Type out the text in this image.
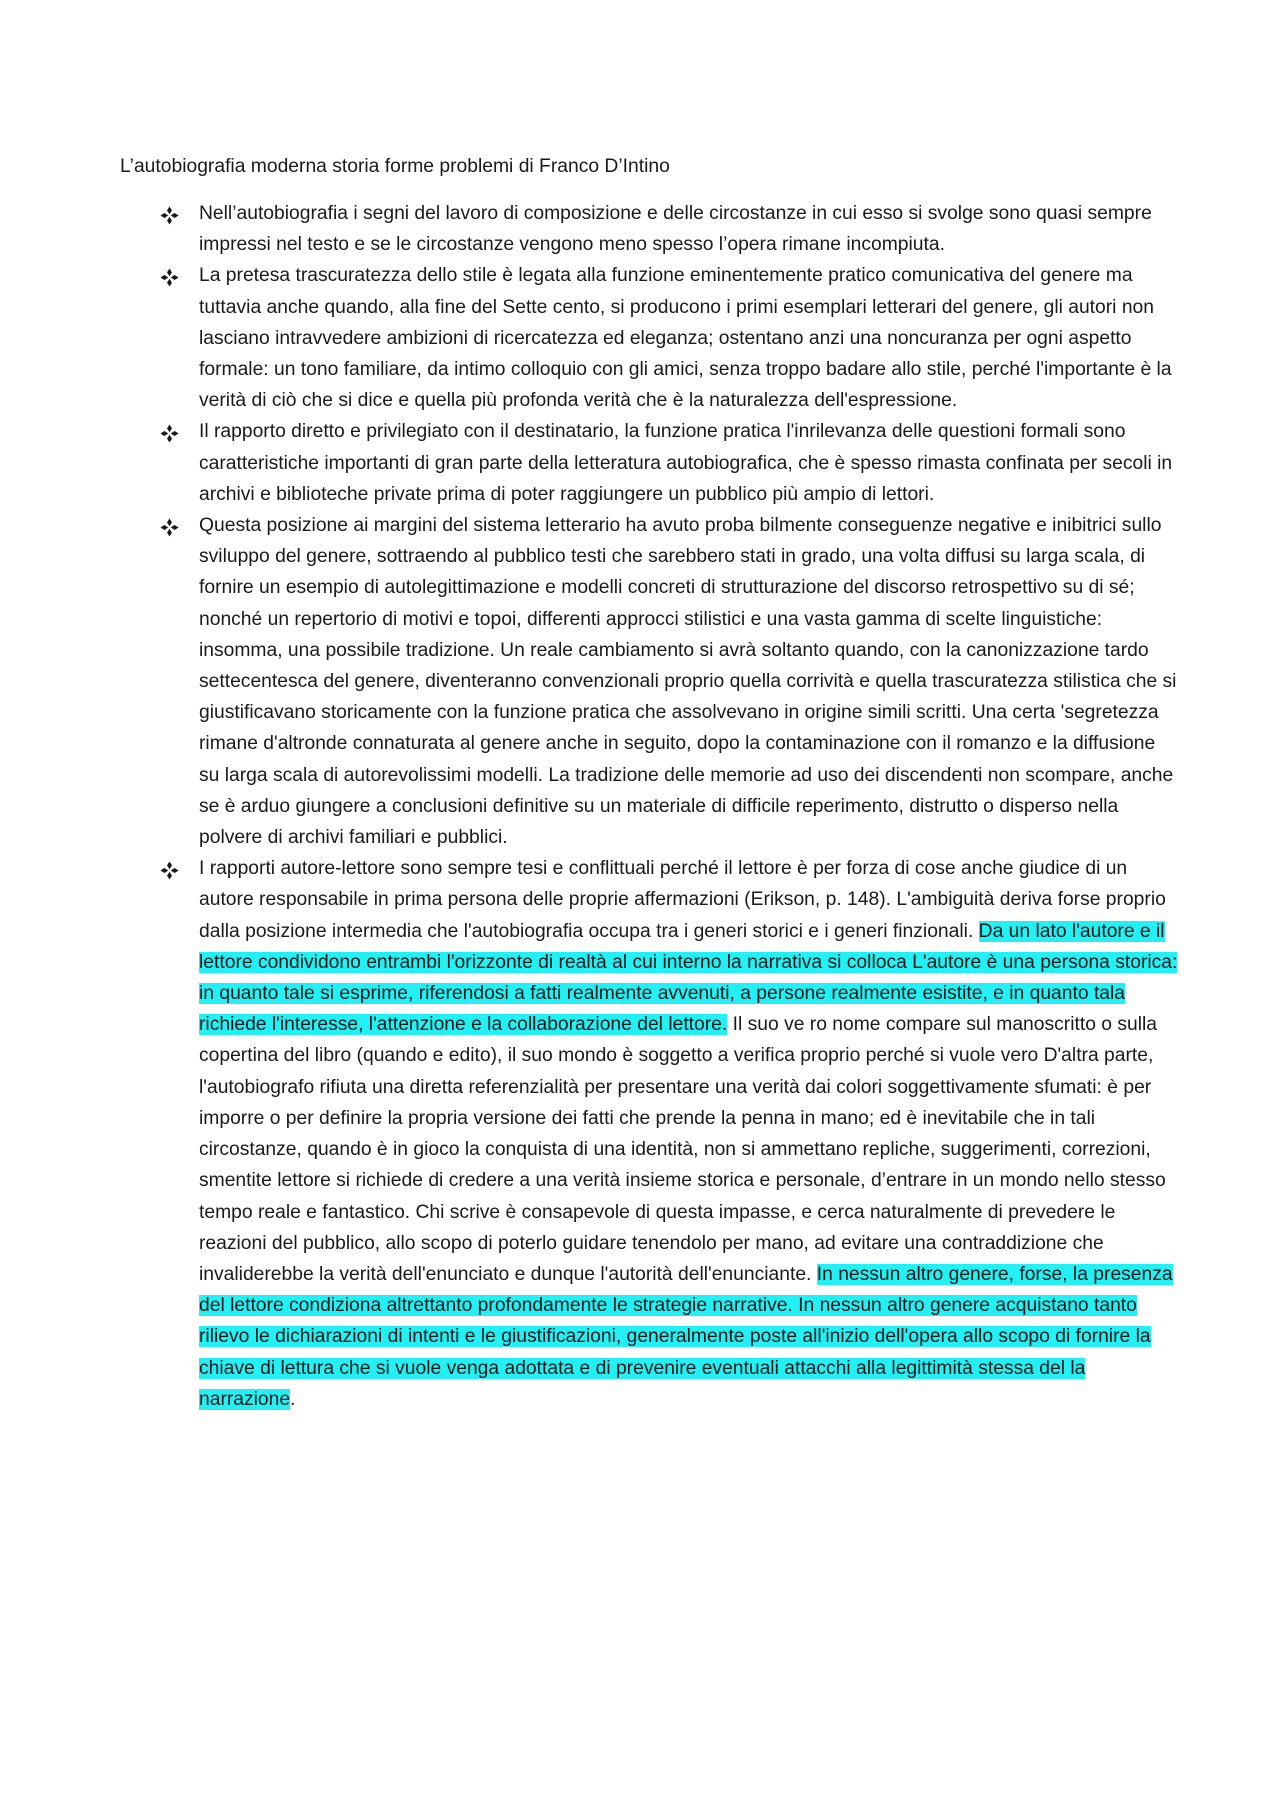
L’autobiografia moderna storia forme problemi di Franco D’Intino
Nell’autobiografia i segni del lavoro di composizione e delle circostanze in cui esso si svolge sono quasi sempre impressi nel testo e se le circostanze vengono meno spesso l’opera rimane incompiuta.
La pretesa trascuratezza dello stile è legata alla funzione eminentemente pratico comunicativa del genere ma tuttavia anche quando, alla fine del Sette cento, si producono i primi esemplari letterari del genere, gli autori non lasciano intravvedere ambizioni di ricercatezza ed eleganza; ostentano anzi una noncuranza per ogni aspetto formale: un tono familiare, da intimo colloquio con gli amici, senza troppo badare allo stile, perché l'importante è la verità di ciò che si dice e quella più profonda verità che è la naturalezza dell'espressione.
Il rapporto diretto e privilegiato con il destinatario, la funzione pratica l'inrilevanza delle questioni formali sono caratteristiche importanti di gran parte della letteratura autobiografica, che è spesso rimasta confinata per secoli in archivi e biblioteche private prima di poter raggiungere un pubblico più ampio di lettori.
Questa posizione ai margini del sistema letterario ha avuto proba bilmente conseguenze negative e inibitrici sullo sviluppo del genere, sottraendo al pubblico testi che sarebbero stati in grado, una volta diffusi su larga scala, di fornire un esempio di autolegittimazione e modelli concreti di strutturazione del discorso retrospettivo su di sé; nonché un repertorio di motivi e topoi, differenti approcci stilistici e una vasta gamma di scelte linguistiche: insomma, una possibile tradizione. Un reale cambiamento si avrà soltanto quando, con la canonizzazione tardo settecentesca del genere, diventeranno convenzionali proprio quella corrività e quella trascuratezza stilistica che si giustificavano storicamente con la funzione pratica che assolvevano in origine simili scritti. Una certa 'segretezza rimane d'altronde connaturata al genere anche in seguito, dopo la contaminazione con il romanzo e la diffusione su larga scala di autorevolissimi modelli. La tradizione delle memorie ad uso dei discendenti non scompare, anche se è arduo giungere a conclusioni definitive su un materiale di difficile reperimento, distrutto o disperso nella polvere di archivi familiari e pubblici.
I rapporti autore-lettore sono sempre tesi e conflittuali perché il lettore è per forza di cose anche giudice di un autore responsabile in prima persona delle proprie affermazioni (Erikson, p. 148). L'ambiguità deriva forse proprio dalla posizione intermedia che l'autobiografia occupa tra i generi storici e i generi finzionali. Da un lato l'autore e il lettore condividono entrambi l'orizzonte di realtà al cui interno la narrativa si colloca L'autore è una persona storica: in quanto tale si esprime, riferendosi a fatti realmente avvenuti, a persone realmente esistite, e in quanto tala richiede l'interesse, l'attenzione e la collaborazione del lettore. Il suo ve ro nome compare sul manoscritto o sulla copertina del libro (quando e edito), il suo mondo è soggetto a verifica proprio perché si vuole vero D'altra parte, l'autobiografo rifiuta una diretta referenzialità per presentare una verità dai colori soggettivamente sfumati: è per imporre o per definire la propria versione dei fatti che prende la penna in mano; ed è inevitabile che in tali circostanze, quando è in gioco la conquista di una identità, non si ammettano repliche, suggerimenti, correzioni, smentite lettore si richiede di credere a una verità insieme storica e personale, d’entrare in un mondo nello stesso tempo reale e fantastico. Chi scrive è consapevole di questa impasse, e cerca naturalmente di prevedere le reazioni del pubblico, allo scopo di poterlo guidare tenendolo per mano, ad evitare una contraddizione che invaliderebbe la verità dell'enunciato e dunque l'autorità dell'enunciante. In nessun altro genere, forse, la presenza del lettore condiziona altrettanto profondamente le strategie narrative. In nessun altro genere acquistano tanto rilievo le dichiarazioni di intenti e le giustificazioni, generalmente poste all'inizio dell'opera allo scopo di fornire la chiave di lettura che si vuole venga adottata e di prevenire eventuali attacchi alla legittimità stessa del la narrazione.
